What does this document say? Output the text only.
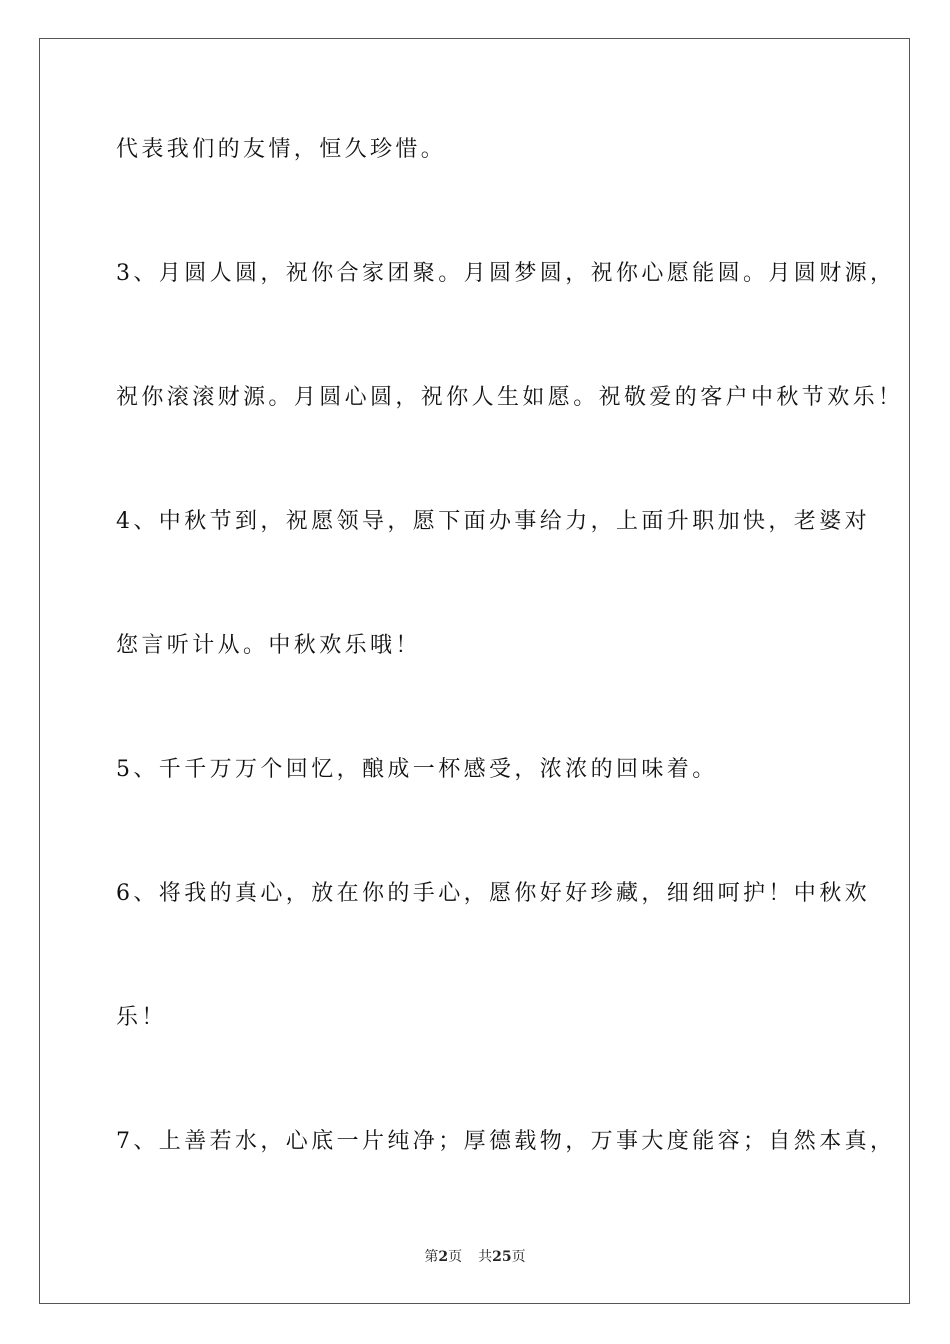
代表我们的友情，恒久珍惜。
3、月圆人圆，祝你合家团聚。月圆梦圆，祝你心愿能圆。月圆财源，
祝你滚滚财源。月圆心圆，祝你人生如愿。祝敬爱的客户中秋节欢乐！
4、中秋节到，祝愿领导，愿下面办事给力，上面升职加快，老婆对
您言听计从。中秋欢乐哦！
5、千千万万个回忆，酿成一杯感受，浓浓的回味着。
6、将我的真心，放在你的手心，愿你好好珍藏，细细呵护！中秋欢
乐！
7、上善若水，心底一片纯净；厚德载物，万事大度能容；自然本真，
第2页 共25页
